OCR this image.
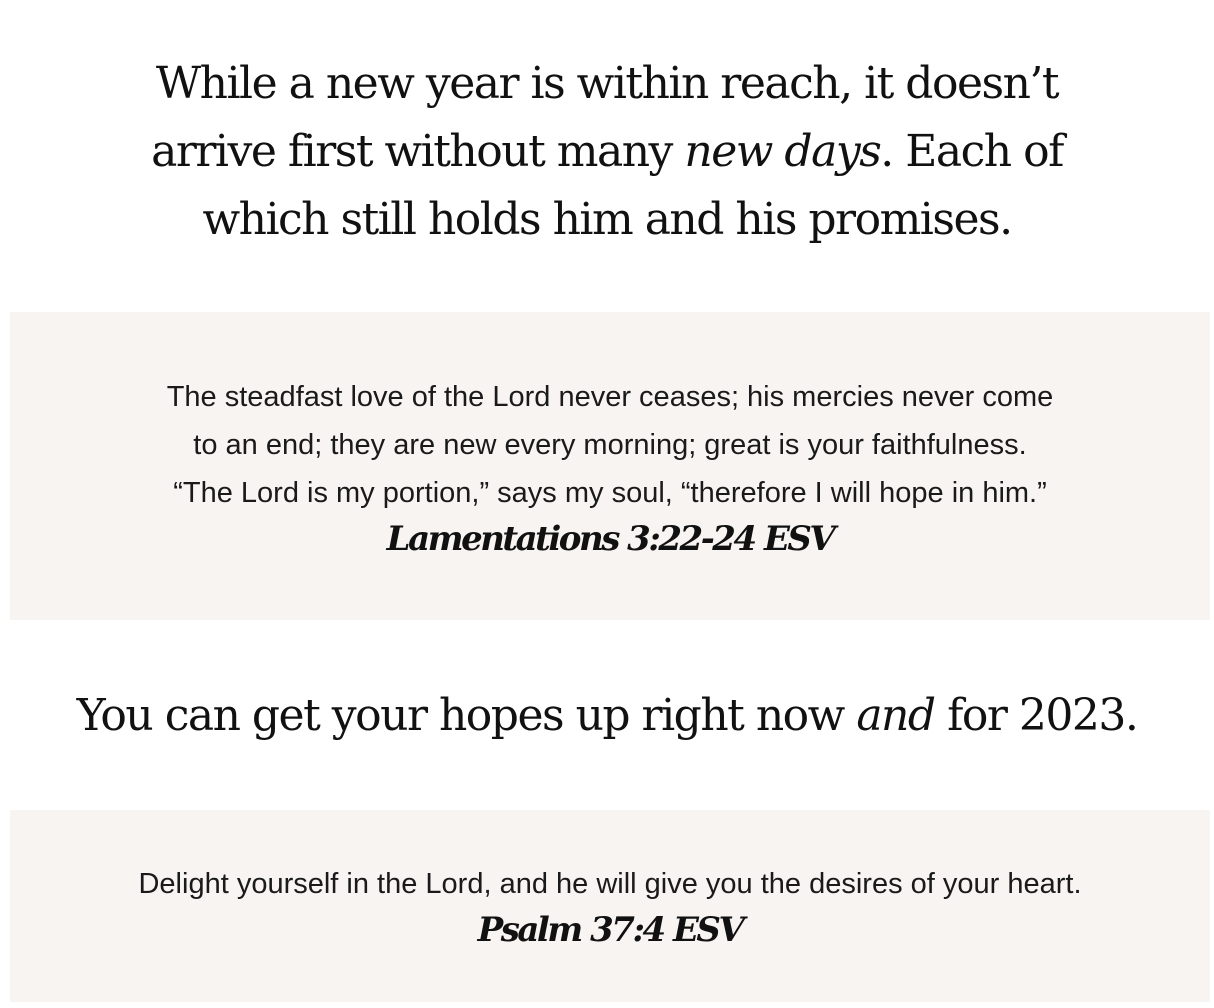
While a new year is within reach, it doesn’t arrive first without many new days. Each of which still holds him and his promises.

The steadfast love of the Lord never ceases; his mercies never come
to an end; they are new every morning; great is your faithfulness.
“The Lord is my portion,” says my soul, “therefore I will hope in him.”

Lamentations 3:22-24 ESV

You can get your hopes up right now and for 2023.

Delight yourself in the Lord, and he will give you the desires of your heart.

Psalm 37:4 ESV
